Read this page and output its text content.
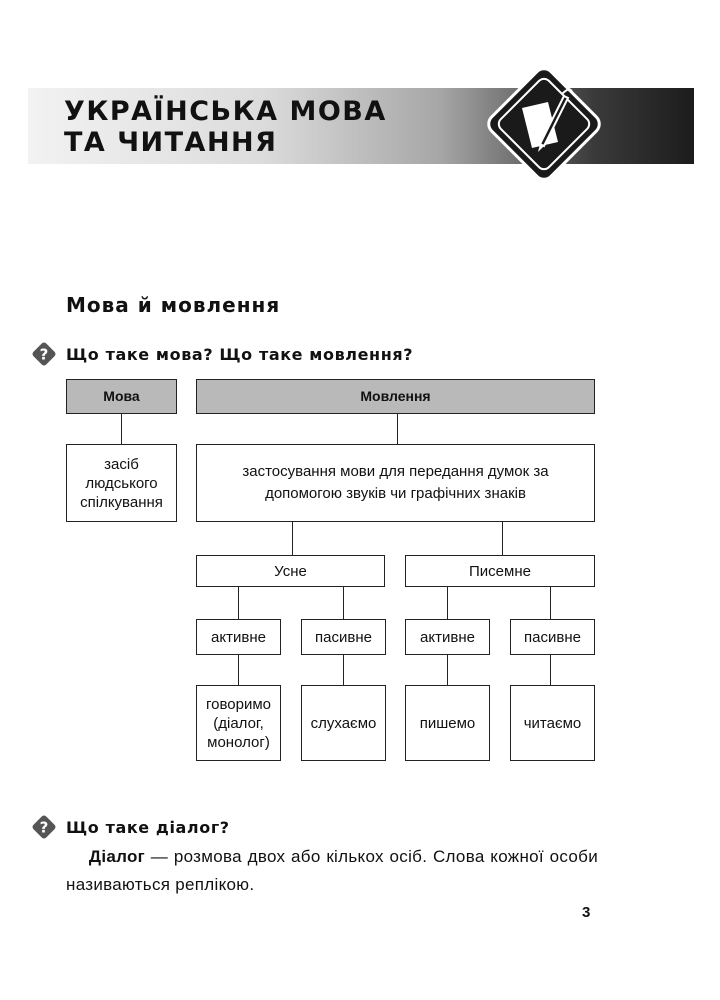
УКРАЇНСЬКА МОВА
ТА ЧИТАННЯ
Мова й мовлення
? Що таке мова? Що таке мовлення?
Мова	Мовлення
засіб людського спілкування
застосування мови для передання думок за допомогою звуків чи графічних знаків
Усне	Писемне
активне	пасивне	активне	пасивне
говоримо (діалог, монолог)
слухаємо	пишемо	читаємо
? Що таке діалог?

Діалог — розмова двох або кількох осіб. Слова кожної особи називаються реплікою.

3
